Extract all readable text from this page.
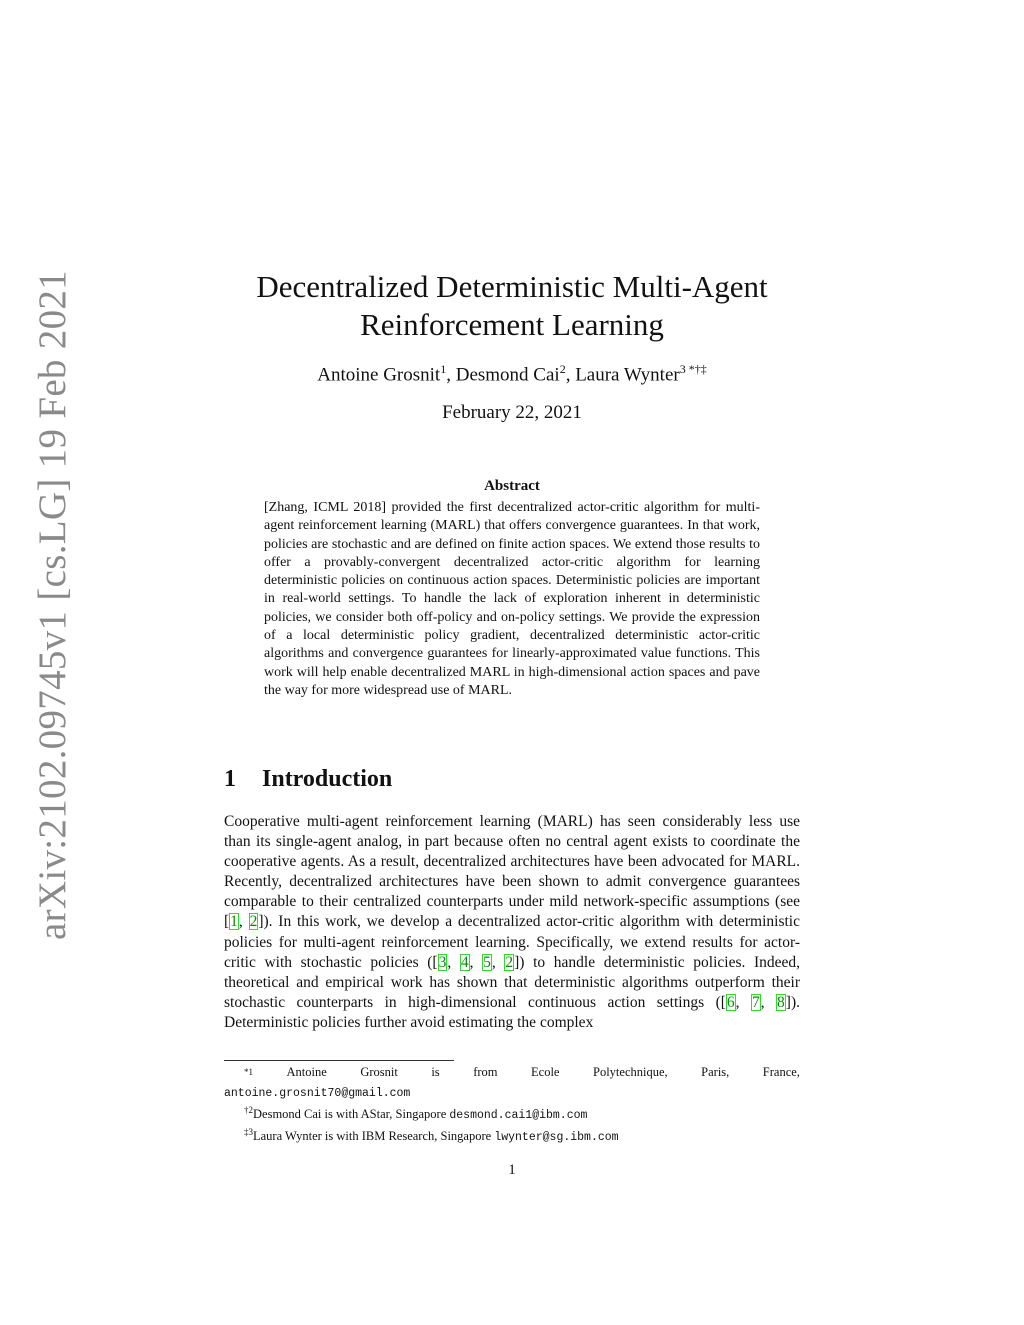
arXiv:2102.09745v1 [cs.LG] 19 Feb 2021	Decentralized Deterministic Multi-Agent
Reinforcement Learning
Antoine Grosnit$^1$, Desmond Cai$^2$, Laura Wynter$^{3 *\dagger\ddagger}$
February 22, 2021
Abstract
[Zhang, ICML 2018] provided the first decentralized actor-critic algorithm for multi-agent reinforcement learning (MARL) that offers convergence guarantees. In that work, policies are stochastic and are defined on finite action spaces. We extend those results to offer a provably-convergent decentralized actor-critic algorithm for learning deterministic policies on continuous action spaces. Deterministic policies are important in real-world settings. To handle the lack of exploration inherent in deterministic policies, we consider both off-policy and on-policy settings. We provide the expression of a local deterministic policy gradient, decentralized deterministic actor-critic algorithms and convergence guarantees for linearly-approximated value functions. This work will help enable decentralized MARL in high-dimensional action spaces and pave the way for more widespread use of MARL.
1 Introduction
Cooperative multi-agent reinforcement learning (MARL) has seen considerably less use than its single-agent analog, in part because often no central agent exists to coordinate the cooperative agents. As a result, decentralized architectures have been advocated for MARL. Recently, decentralized architectures have been shown to admit convergence guarantees comparable to their centralized counterparts under mild network-specific assumptions (see [1, 2]). In this work, we develop a decentralized actor-critic algorithm with deterministic policies for multi-agent reinforcement learning. Specifically, we extend results for actor-critic with stochastic policies ([3, 4, 5, 2]) to handle deterministic policies. Indeed, theoretical and empirical work has shown that deterministic algorithms outperform their stochastic counterparts in high-dimensional continuous action settings ([6, 7, 8]). Deterministic policies further avoid estimating the complex
$^{*1}$	Antoine	Grosnit	is	from	Ecole	Polytechnique,	Paris,	France,
antoine.grosnit70@gmail.com
$^{\dagger 2}$Desmond Cai is with AStar, Singapore desmond.cai1@ibm.com
$^{\ddagger 3}$Laura Wynter is with IBM Research, Singapore lwynter@sg.ibm.com
1
